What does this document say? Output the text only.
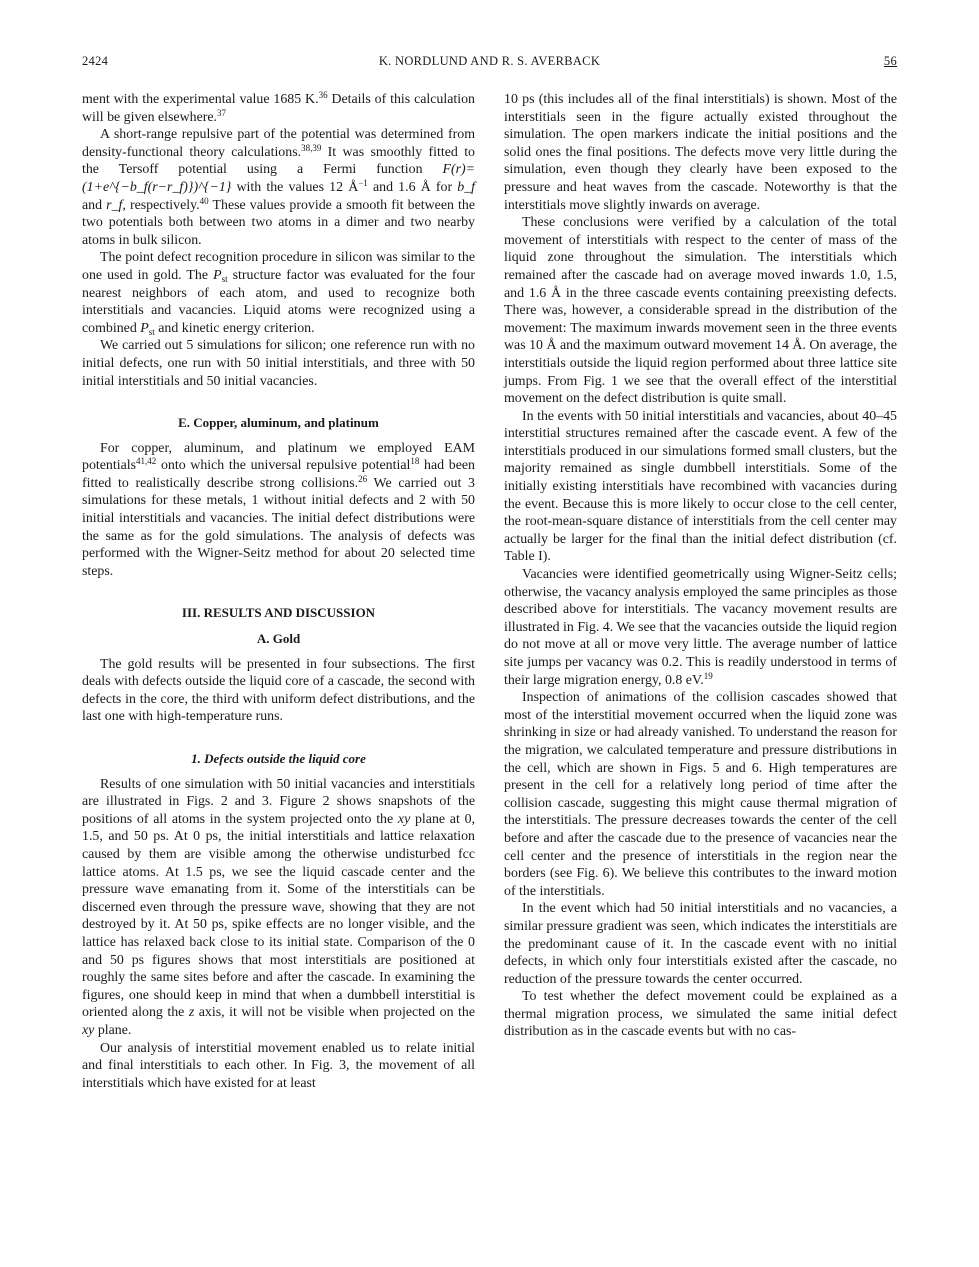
2424	K. NORDLUND AND R. S. AVERBACK	56

ment with the experimental value 1685 K.$^{36}$ Details of this calculation will be given elsewhere.$^{37}$

A short-range repulsive part of the potential was determined from density-functional theory calculations.$^{38,39}$ It was smoothly fitted to the Tersoff potential using a Fermi function F(r)=(1+e^{−b_f(r−r_f)})^{−1} with the values 12 $Å^{-1}$ and 1.6 Å for b_f and r_f, respectively.$^{40}$ These values provide a smooth fit between the two potentials both between two atoms in a dimer and two nearby atoms in bulk silicon.

The point defect recognition procedure in silicon was similar to the one used in gold. The $P_{st}$ structure factor was evaluated for the four nearest neighbors of each atom, and used to recognize both interstitials and vacancies. Liquid atoms were recognized using a combined $P_{st}$ and kinetic energy criterion.

We carried out 5 simulations for silicon; one reference run with no initial defects, one run with 50 initial interstitials, and three with 50 initial interstitials and 50 initial vacancies.

E. Copper, aluminum, and platinum

For copper, aluminum, and platinum we employed EAM potentials$^{41,42}$ onto which the universal repulsive potential$^{18}$ had been fitted to realistically describe strong collisions.$^{26}$ We carried out 3 simulations for these metals, 1 without initial defects and 2 with 50 initial interstitials and vacancies. The initial defect distributions were the same as for the gold simulations. The analysis of defects was performed with the Wigner-Seitz method for about 20 selected time steps.

III. RESULTS AND DISCUSSION
A. Gold

The gold results will be presented in four subsections. The first deals with defects outside the liquid core of a cascade, the second with defects in the core, the third with uniform defect distributions, and the last one with high-temperature runs.

1. Defects outside the liquid core

Results of one simulation with 50 initial vacancies and interstitials are illustrated in Figs. 2 and 3. Figure 2 shows snapshots of the positions of all atoms in the system projected onto the xy plane at 0, 1.5, and 50 ps. At 0 ps, the initial interstitials and lattice relaxation caused by them are visible among the otherwise undisturbed fcc lattice atoms. At 1.5 ps, we see the liquid cascade center and the pressure wave emanating from it. Some of the interstitials can be discerned even through the pressure wave, showing that they are not destroyed by it. At 50 ps, spike effects are no longer visible, and the lattice has relaxed back close to its initial state. Comparison of the 0 and 50 ps figures shows that most interstitials are positioned at roughly the same sites before and after the cascade. In examining the figures, one should keep in mind that when a dumbbell interstitial is oriented along the z axis, it will not be visible when projected on the xy plane.

Our analysis of interstitial movement enabled us to relate initial and final interstitials to each other. In Fig. 3, the movement of all interstitials which have existed for at least

10 ps (this includes all of the final interstitials) is shown. Most of the interstitials seen in the figure actually existed throughout the simulation. The open markers indicate the initial positions and the solid ones the final positions. The defects move very little during the simulation, even though they clearly have been exposed to the pressure and heat waves from the cascade. Noteworthy is that the interstitials move slightly inwards on average.

These conclusions were verified by a calculation of the total movement of interstitials with respect to the center of mass of the liquid zone throughout the simulation. The interstitials which remained after the cascade had on average moved inwards 1.0, 1.5, and 1.6 Å in the three cascade events containing preexisting defects. There was, however, a considerable spread in the distribution of the movement: The maximum inwards movement seen in the three events was 10 Å and the maximum outward movement 14 Å. On average, the interstitials outside the liquid region performed about three lattice site jumps. From Fig. 1 we see that the overall effect of the interstitial movement on the defect distribution is quite small.

In the events with 50 initial interstitials and vacancies, about 40–45 interstitial structures remained after the cascade event. A few of the interstitials produced in our simulations formed small clusters, but the majority remained as single dumbbell interstitials. Some of the initially existing interstitials have recombined with vacancies during the event. Because this is more likely to occur close to the cell center, the root-mean-square distance of interstitials from the cell center may actually be larger for the final than the initial defect distribution (cf. Table I).

Vacancies were identified geometrically using Wigner-Seitz cells; otherwise, the vacancy analysis employed the same principles as those described above for interstitials. The vacancy movement results are illustrated in Fig. 4. We see that the vacancies outside the liquid region do not move at all or move very little. The average number of lattice site jumps per vacancy was 0.2. This is readily understood in terms of their large migration energy, 0.8 eV.$^{19}$

Inspection of animations of the collision cascades showed that most of the interstitial movement occurred when the liquid zone was shrinking in size or had already vanished. To understand the reason for the migration, we calculated temperature and pressure distributions in the cell, which are shown in Figs. 5 and 6. High temperatures are present in the cell for a relatively long period of time after the collision cascade, suggesting this might cause thermal migration of the interstitials. The pressure decreases towards the center of the cell before and after the cascade due to the presence of vacancies near the cell center and the presence of interstitials in the region near the borders (see Fig. 6). We believe this contributes to the inward motion of the interstitials.

In the event which had 50 initial interstitials and no vacancies, a similar pressure gradient was seen, which indicates the interstitials are the predominant cause of it. In the cascade event with no initial defects, in which only four interstitials existed after the cascade, no reduction of the pressure towards the center occurred.

To test whether the defect movement could be explained as a thermal migration process, we simulated the same initial defect distribution as in the cascade events but with no cas-
